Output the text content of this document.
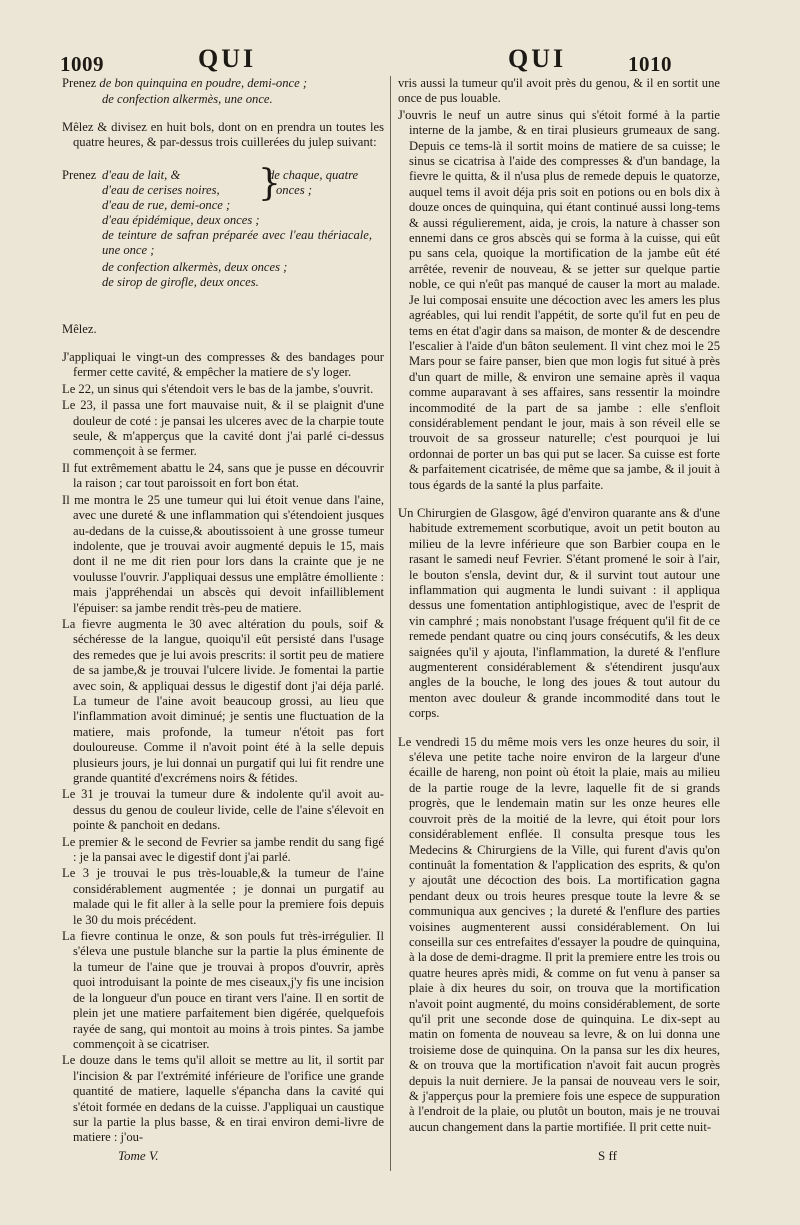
1009	QUI	QUI	1010
Prenez de bon quinquina en poudre, demi-once ;
de confection alkermès, une once.

Mêlez & divisez en huit bols, dont on en prendra un toutes les quatre heures, & par-dessus trois cuillerées du julep suivant:

Prenez d'eau de lait, &
d'eau de cerises noires, }
de chaque, quatre
onces ;
d'eau de rue, demi-once ;
d'eau épidémique, deux onces ;
de teinture de safran préparée avec l'eau thériacale, une once ;
de confection alkermès, deux onces ;
de sirop de girofle, deux onces.

Mêlez.

J'appliquai le vingt-un des compresses & des bandages pour fermer cette cavité, & empêcher la matiere de s'y loger.

Le 22, un sinus qui s'étendoit vers le bas de la jambe, s'ouvrit.

Le 23, il passa une fort mauvaise nuit, & il se plaignit d'une douleur de coté : je pansai les ulceres avec de la charpie toute seule, & m'apperçus que la cavité dont j'ai parlé ci-dessus commençoit à se fermer.

Il fut extrêmement abattu le 24, sans que je pusse en découvrir la raison ; car tout paroissoit en fort bon état.

Il me montra le 25 une tumeur qui lui étoit venue dans l'aine, avec une dureté & une inflammation qui s'étendoient jusques au-dedans de la cuisse,& aboutissoient à une grosse tumeur indolente, que je trouvai avoir augmenté depuis le 15, mais dont il ne me dit rien pour lors dans la crainte que je ne voulusse l'ouvrir. J'appliquai dessus une emplâtre émolliente : mais j'appréhendai un abscès qui devoit infailliblement l'épuiser: sa jambe rendit très-peu de matiere.

La fievre augmenta le 30 avec altération du pouls, soif & séchéresse de la langue, quoiqu'il eût persisté dans l'usage des remedes que je lui avois prescrits: il sortit peu de matiere de sa jambe,& je trouvai l'ulcere livide. Je fomentai la partie avec soin, & appliquai dessus le digestif dont j'ai déja parlé. La tumeur de l'aine avoit beaucoup grossi, au lieu que l'inflammation avoit diminué; je sentis une fluctuation de la matiere, mais profonde, la tumeur n'étoit pas fort douloureuse. Comme il n'avoit point été à la selle depuis plusieurs jours, je lui donnai un purgatif qui lui fit rendre une grande quantité d'excrémens noirs & fétides.

Le 31 je trouvai la tumeur dure & indolente qu'il avoit au-dessus du genou de couleur livide, celle de l'aine s'élevoit en pointe & panchoit en dedans.

Le premier & le second de Fevrier sa jambe rendit du sang figé : je la pansai avec le digestif dont j'ai parlé.

Le 3 je trouvai le pus très-louable,& la tumeur de l'aine considérablement augmentée ; je donnai un purgatif au malade qui le fit aller à la selle pour la premiere fois depuis le 30 du mois précédent.

La fievre continua le onze, & son pouls fut très-irrégulier. Il s'éleva une pustule blanche sur la partie la plus éminente de la tumeur de l'aine que je trouvai à propos d'ouvrir, après quoi introduisant la pointe de mes ciseaux,j'y fis une incision de la longueur d'un pouce en tirant vers l'aine. Il en sortit de plein jet une matiere parfaitement bien digérée, quelquefois rayée de sang, qui montoit au moins à trois pintes. Sa jambe commençoit à se cicatriser.

Le douze dans le tems qu'il alloit se mettre au lit, il sortit par l'incision & par l'extrémité inférieure de l'orifice une grande quantité de matiere, laquelle s'épancha dans la cavité qui s'étoit formée en dedans de la cuisse. J'appliquai un caustique sur la partie la plus basse, & en tirai environ demi-livre de matiere : j'ou-

vris aussi la tumeur qu'il avoit près du genou, & il en sortit une once de pus louable.

J'ouvris le neuf un autre sinus qui s'étoit formé à la partie interne de la jambe, & en tirai plusieurs grumeaux de sang. Depuis ce tems-là il sortit moins de matiere de sa cuisse; le sinus se cicatrisa à l'aide des compresses & d'un bandage, la fievre le quitta, & il n'usa plus de remede depuis le quatorze, auquel tems il avoit déja pris soit en potions ou en bols dix à douze onces de quinquina, qui étant continué aussi long-tems & aussi régulierement, aida, je crois, la nature à chasser son ennemi dans ce gros abscès qui se forma à la cuisse, qui eût pu sans cela, quoique la mortification de la jambe eût été arrêtée, revenir de nouveau, & se jetter sur quelque partie noble, ce qui n'eût pas manqué de causer la mort au malade. Je lui composai ensuite une décoction avec les amers les plus agréables, qui lui rendit l'appétit, de sorte qu'il fut en peu de tems en état d'agir dans sa maison, de monter & de descendre l'escalier à l'aide d'un bâton seulement. Il vint chez moi le 25 Mars pour se faire panser, bien que mon logis fut situé à près d'un quart de mille, & environ une semaine après il vaqua comme auparavant à ses affaires, sans ressentir la moindre incommodité de la part de sa jambe : elle s'enfloit considérablement pendant le jour, mais à son réveil elle se trouvoit de sa grosseur naturelle; c'est pourquoi je lui ordonnai de porter un bas qui put se lacer. Sa cuisse est forte & parfaitement cicatrisée, de même que sa jambe, & il jouit à tous égards de la santé la plus parfaite.

Un Chirurgien de Glasgow, âgé d'environ quarante ans & d'une habitude extremement scorbutique, avoit un petit bouton au milieu de la levre inférieure que son Barbier coupa en le rasant le samedi neuf Fevrier. S'étant promené le soir à l'air, le bouton s'ensla, devint dur, & il survint tout autour une inflammation qui augmenta le lundi suivant : il appliqua dessus une fomentation antiphlogistique, avec de l'esprit de vin camphré ; mais nonobstant l'usage fréquent qu'il fit de ce remede pendant quatre ou cinq jours consécutifs, & les deux saignées qu'il y ajouta, l'inflammation, la dureté & l'enflure augmenterent considérablement & s'étendirent jusqu'aux angles de la bouche, le long des joues & tout autour du menton avec douleur & grande incommodité dans tout le corps.

Le vendredi 15 du même mois vers les onze heures du soir, il s'éleva une petite tache noire environ de la largeur d'une écaille de hareng, non point où étoit la plaie, mais au milieu de la partie rouge de la levre, laquelle fit de si grands progrès, que le lendemain matin sur les onze heures elle couvroit près de la moitié de la levre, qui étoit pour lors considérablement enflée. Il consulta presque tous les Medecins & Chirurgiens de la Ville, qui furent d'avis qu'on continuât la fomentation & l'application des esprits, & qu'on y ajoutât une décoction des bois. La mortification gagna pendant deux ou trois heures presque toute la levre & se communiqua aux gencives ; la dureté & l'enflure des parties voisines augmenterent aussi considérablement. On lui conseilla sur ces entrefaites d'essayer la poudre de quinquina, à la dose de demi-dragme. Il prit la premiere entre les trois ou quatre heures après midi, & comme on fut venu à panser sa plaie à dix heures du soir, on trouva que la mortification n'avoit point augmenté, du moins considérablement, de sorte qu'il prit une seconde dose de quinquina. Le dix-sept au matin on fomenta de nouveau sa levre, & on lui donna une troisieme dose de quinquina. On la pansa sur les dix heures, & on trouva que la mortification n'avoit fait aucun progrès depuis la nuit derniere. Je la pansai de nouveau vers le soir, & j'apperçus pour la premiere fois une espece de suppuration à l'endroit de la plaie, ou plutôt un bouton, mais je ne trouvai aucun changement dans la partie mortifiée. Il prit cette nuit-

Tome V.	S ff
